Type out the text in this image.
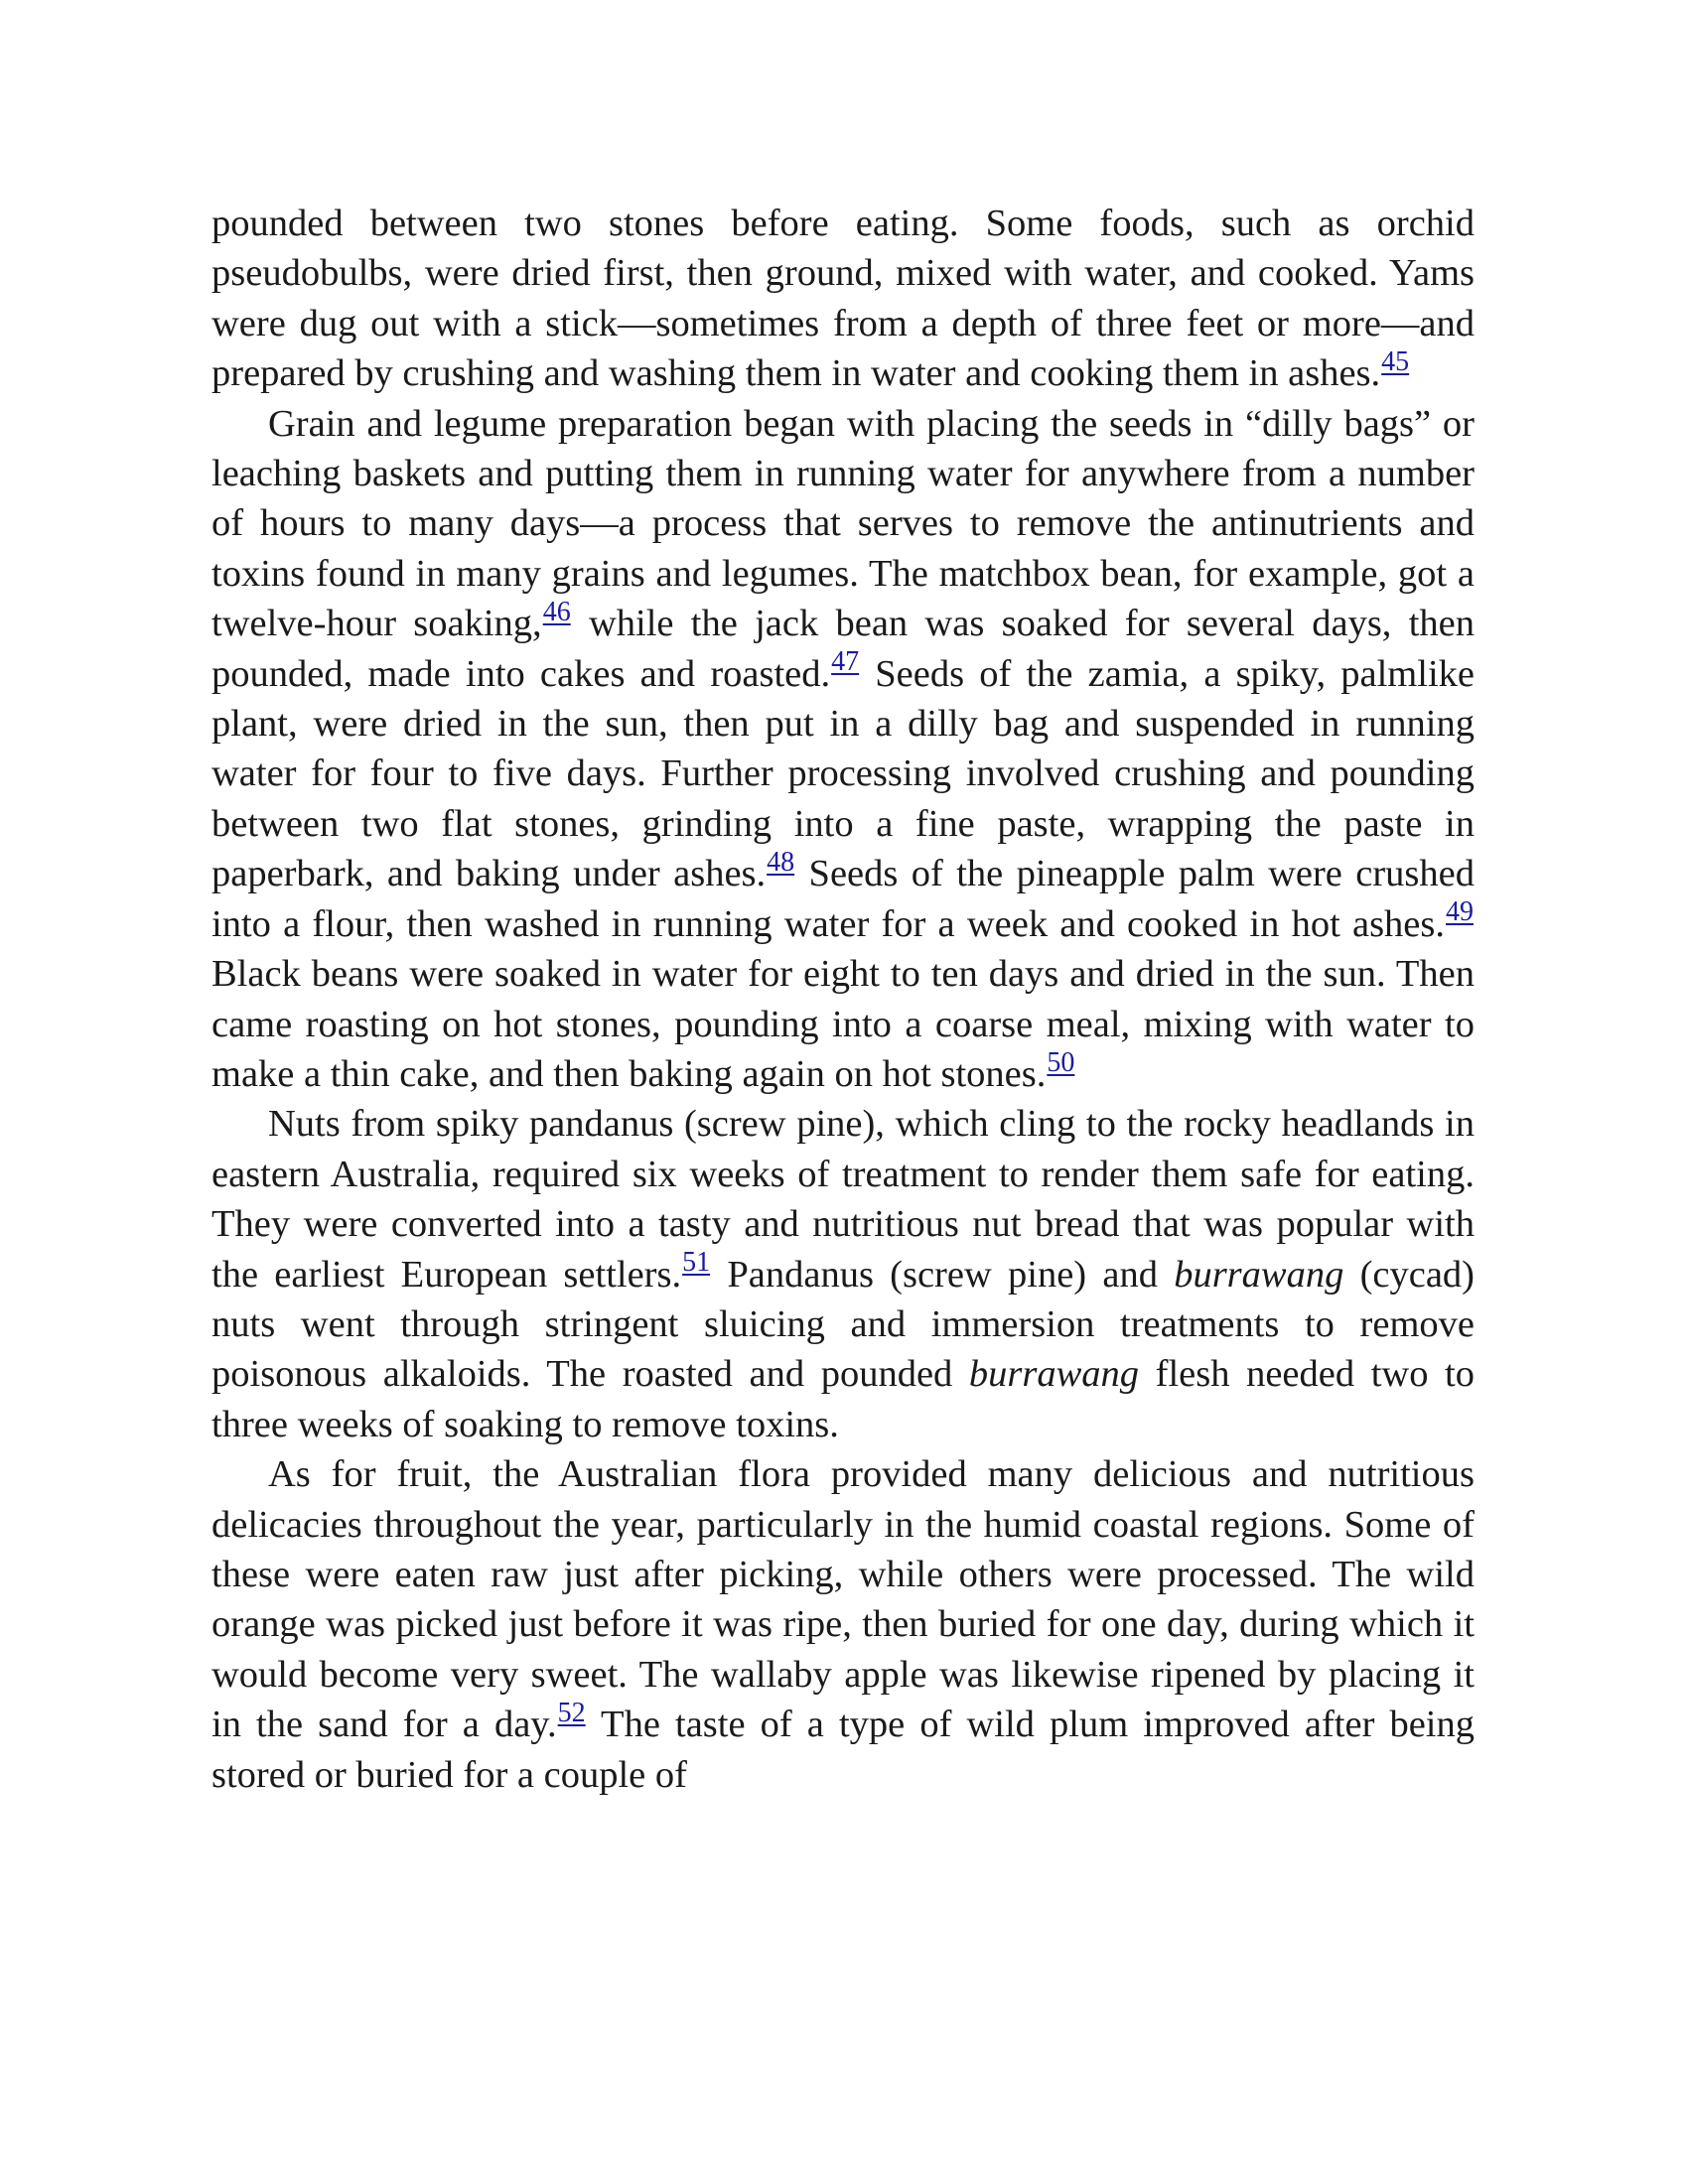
pounded between two stones before eating. Some foods, such as orchid pseudobulbs, were dried first, then ground, mixed with water, and cooked. Yams were dug out with a stick—sometimes from a depth of three feet or more—and prepared by crushing and washing them in water and cooking them in ashes.$^{45}$

Grain and legume preparation began with placing the seeds in “dilly bags” or leaching baskets and putting them in running water for anywhere from a number of hours to many days—a process that serves to remove the antinutrients and toxins found in many grains and legumes. The matchbox bean, for example, got a twelve-hour soaking,$^{46}$ while the jack bean was soaked for several days, then pounded, made into cakes and roasted.$^{47}$ Seeds of the zamia, a spiky, palmlike plant, were dried in the sun, then put in a dilly bag and suspended in running water for four to five days. Further processing involved crushing and pounding between two flat stones, grinding into a fine paste, wrapping the paste in paperbark, and baking under ashes.$^{48}$ Seeds of the pineapple palm were crushed into a flour, then washed in running water for a week and cooked in hot ashes.$^{49}$ Black beans were soaked in water for eight to ten days and dried in the sun. Then came roasting on hot stones, pounding into a coarse meal, mixing with water to make a thin cake, and then baking again on hot stones.$^{50}$

Nuts from spiky pandanus (screw pine), which cling to the rocky headlands in eastern Australia, required six weeks of treatment to render them safe for eating. They were converted into a tasty and nutritious nut bread that was popular with the earliest European settlers.$^{51}$ Pandanus (screw pine) and burrawang (cycad) nuts went through stringent sluicing and immersion treatments to remove poisonous alkaloids. The roasted and pounded burrawang flesh needed two to three weeks of soaking to remove toxins.

As for fruit, the Australian flora provided many delicious and nutritious delicacies throughout the year, particularly in the humid coastal regions. Some of these were eaten raw just after picking, while others were processed. The wild orange was picked just before it was ripe, then buried for one day, during which it would become very sweet. The wallaby apple was likewise ripened by placing it in the sand for a day.$^{52}$ The taste of a type of wild plum improved after being stored or buried for a couple of
